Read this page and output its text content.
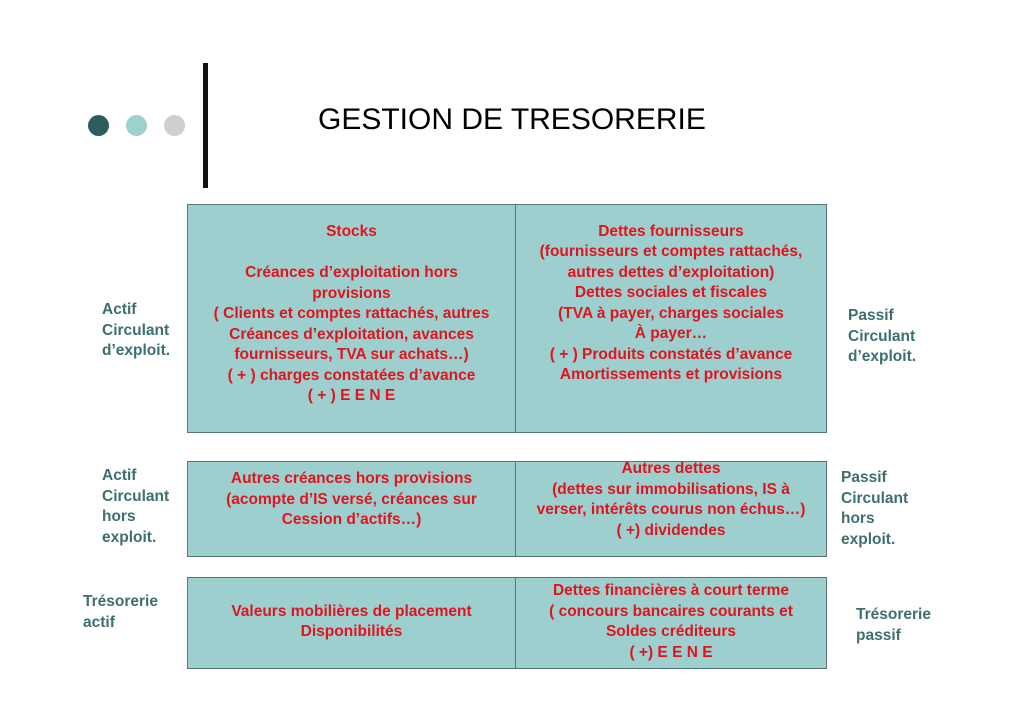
GESTION DE TRESORERIE
Actif
Circulant
d’exploit.
Stocks

Créances d’exploitation hors
provisions
( Clients et comptes rattachés, autres
Créances d’exploitation, avances
fournisseurs, TVA sur achats…)
( + ) charges constatées d’avance
( + ) E E N E
Dettes fournisseurs
(fournisseurs et comptes rattachés,
autres dettes d’exploitation)
Dettes sociales et fiscales
(TVA à payer, charges sociales
À payer…
( + ) Produits constatés d’avance
Amortissements et provisions
Passif
Circulant
d’exploit.
Actif
Circulant
hors
exploit.
Autres créances hors provisions
(acompte d’IS versé, créances sur
Cession d’actifs…)
Autres dettes
(dettes sur immobilisations, IS à
verser, intérêts courus non échus…)
( +) dividendes
Passif
Circulant
hors
exploit.
Trésorerie
actif
Valeurs mobilières de placement
Disponibilités
Dettes financières à court terme
( concours bancaires courants et
Soldes créditeurs
( +) E E N E
Trésorerie
passif
